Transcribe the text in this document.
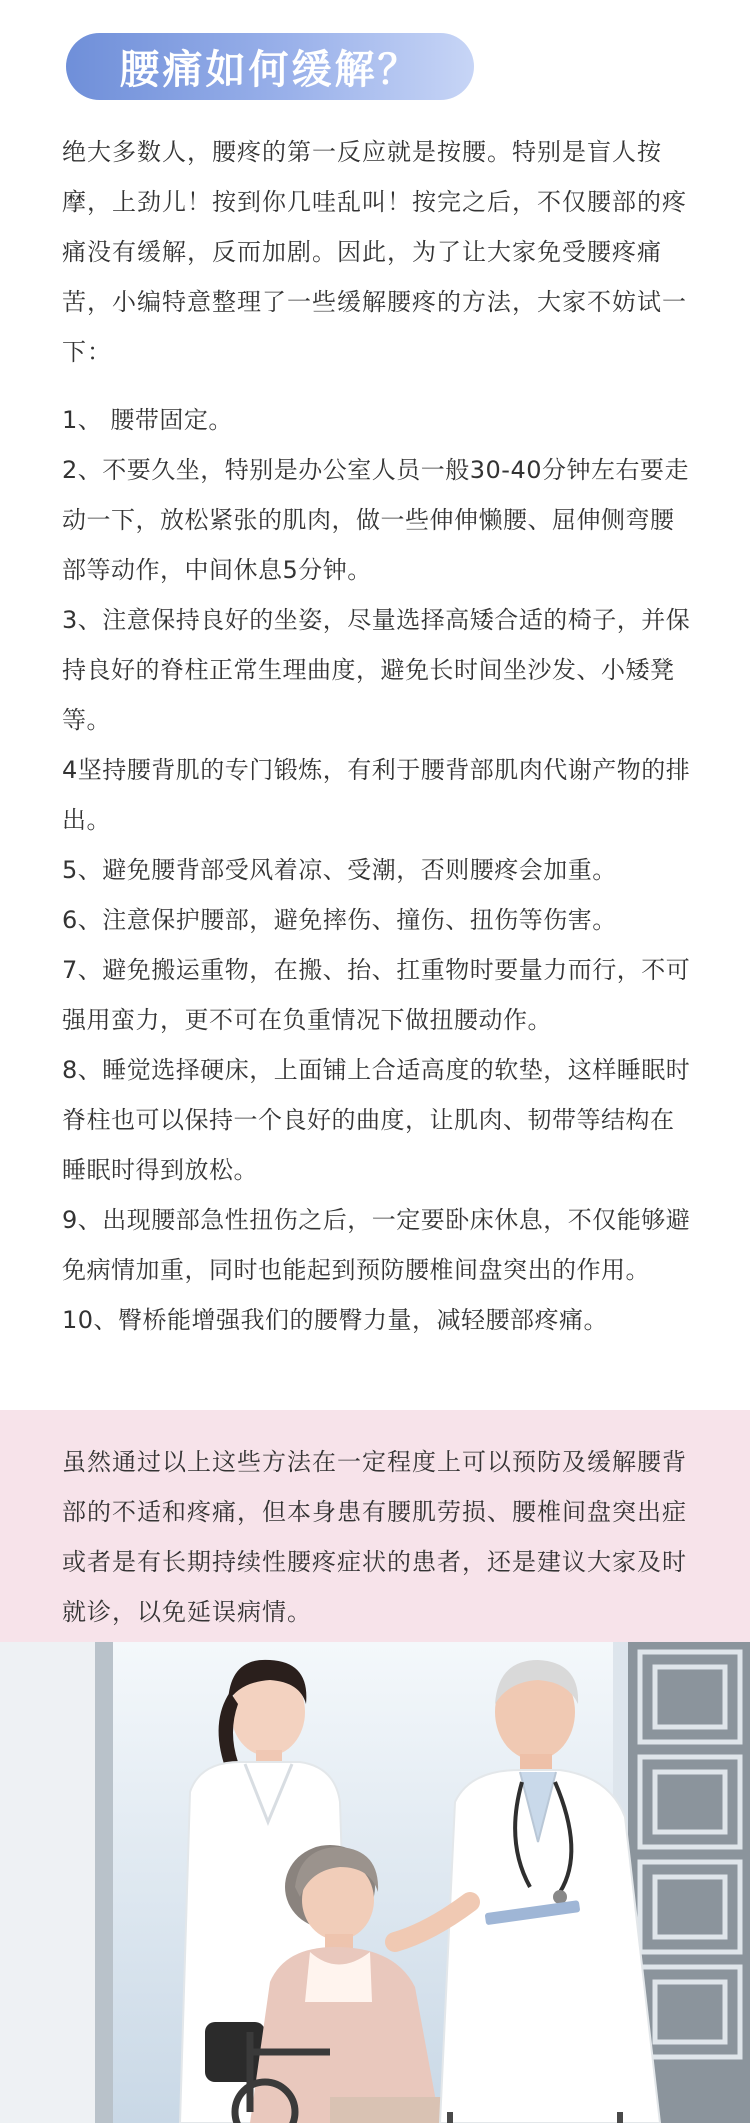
腰痛如何缓解？

绝大多数人，腰疼的第一反应就是按腰。特别是盲人按摩，上劲儿！按到你几哇乱叫！按完之后，不仅腰部的疼痛没有缓解，反而加剧。因此，为了让大家免受腰疼痛苦，小编特意整理了一些缓解腰疼的方法，大家不妨试一下：

1、 腰带固定。
2、不要久坐，特别是办公室人员一般30-40分钟左右要走动一下，放松紧张的肌肉，做一些伸伸懒腰、屈伸侧弯腰部等动作，中间休息5分钟。
3、注意保持良好的坐姿，尽量选择高矮合适的椅子，并保持良好的脊柱正常生理曲度，避免长时间坐沙发、小矮凳等。
4坚持腰背肌的专门锻炼，有利于腰背部肌肉代谢产物的排出。
5、避免腰背部受风着凉、受潮，否则腰疼会加重。
6、注意保护腰部，避免摔伤、撞伤、扭伤等伤害。
7、避免搬运重物，在搬、抬、扛重物时要量力而行，不可强用蛮力，更不可在负重情况下做扭腰动作。
8、睡觉选择硬床，上面铺上合适高度的软垫，这样睡眠时脊柱也可以保持一个良好的曲度，让肌肉、韧带等结构在睡眠时得到放松。
9、出现腰部急性扭伤之后，一定要卧床休息，不仅能够避免病情加重，同时也能起到预防腰椎间盘突出的作用。
10、臀桥能增强我们的腰臀力量，减轻腰部疼痛。

虽然通过以上这些方法在一定程度上可以预防及缓解腰背部的不适和疼痛，但本身患有腰肌劳损、腰椎间盘突出症或者是有长期持续性腰疼症状的患者，还是建议大家及时就诊，以免延误病情。
